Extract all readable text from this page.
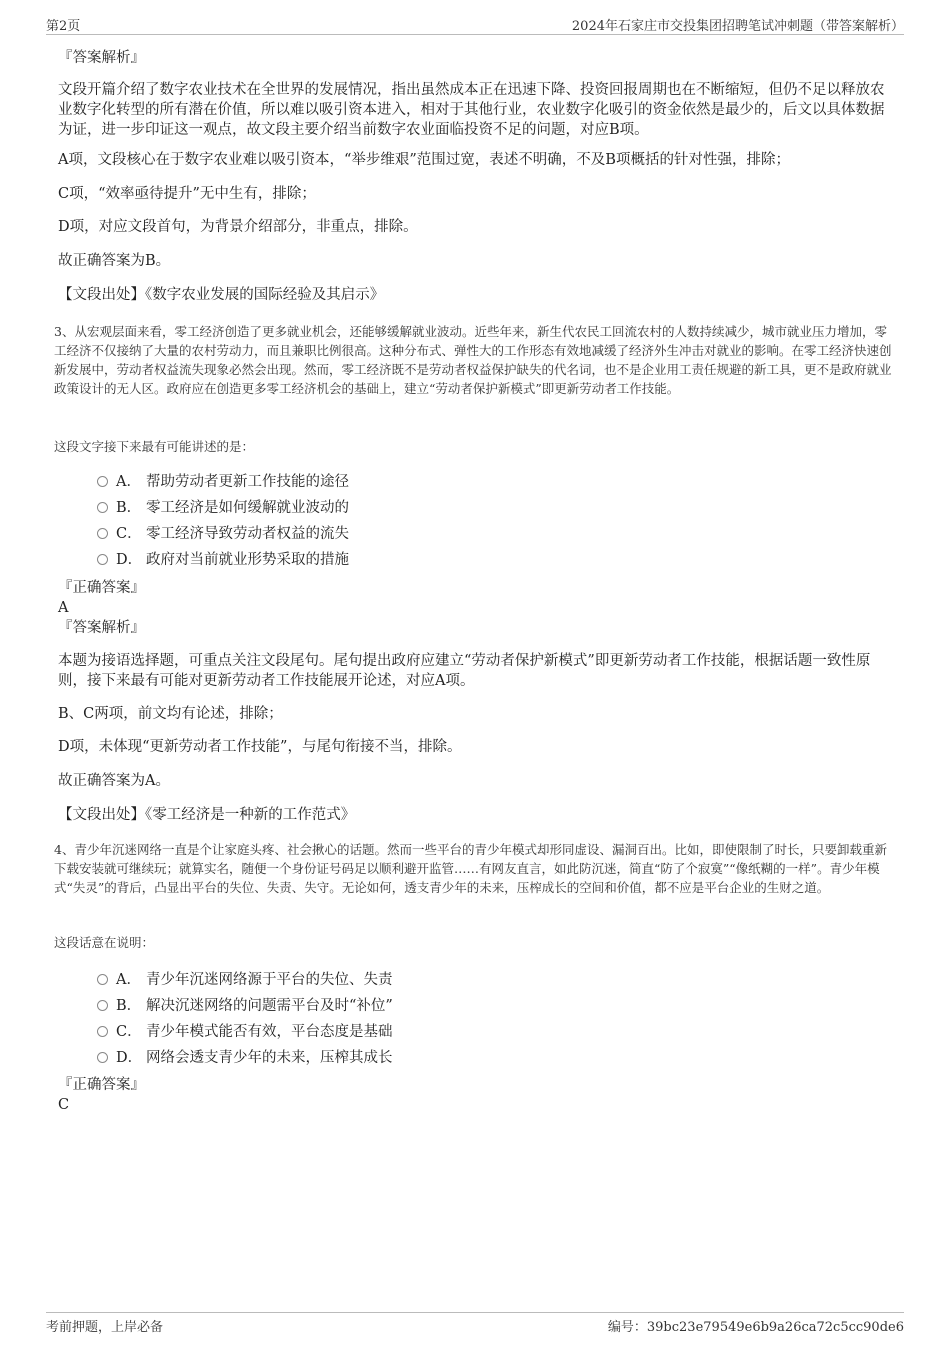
第2页	2024年石家庄市交投集团招聘笔试冲刺题（带答案解析）
『答案解析』
文段开篇介绍了数字农业技术在全世界的发展情况，指出虽然成本正在迅速下降、投资回报周期也在不断缩短，但仍不足以释放农业数字化转型的所有潜在价值，所以难以吸引资本进入，相对于其他行业，农业数字化吸引的资金依然是最少的，后文以具体数据为证，进一步印证这一观点，故文段主要介绍当前数字农业面临投资不足的问题，对应B项。
A项，文段核心在于数字农业难以吸引资本，“举步维艰”范围过宽，表述不明确，不及B项概括的针对性强，排除；
C项，“效率亟待提升”无中生有，排除；
D项，对应文段首句，为背景介绍部分，非重点，排除。
故正确答案为B。
【文段出处】《数字农业发展的国际经验及其启示》
3、从宏观层面来看，零工经济创造了更多就业机会，还能够缓解就业波动。近些年来，新生代农民工回流农村的人数持续减少，城市就业压力增加，零工经济不仅接纳了大量的农村劳动力，而且兼职比例很高。这种分布式、弹性大的工作形态有效地减缓了经济外生冲击对就业的影响。在零工经济快速创新发展中，劳动者权益流失现象必然会出现。然而，零工经济既不是劳动者权益保护缺失的代名词，也不是企业用工责任规避的新工具，更不是政府就业政策设计的无人区。政府应在创造更多零工经济机会的基础上，建立“劳动者保护新模式”即更新劳动者工作技能。
这段文字接下来最有可能讲述的是：
A． 帮助劳动者更新工作技能的途径
B． 零工经济是如何缓解就业波动的
C． 零工经济导致劳动者权益的流失
D． 政府对当前就业形势采取的措施
『正确答案』
A
『答案解析』
本题为接语选择题，可重点关注文段尾句。尾句提出政府应建立“劳动者保护新模式”即更新劳动者工作技能，根据话题一致性原则，接下来最有可能对更新劳动者工作技能展开论述，对应A项。
B、C两项，前文均有论述，排除；
D项，未体现“更新劳动者工作技能”，与尾句衔接不当，排除。
故正确答案为A。
【文段出处】《零工经济是一种新的工作范式》
4、青少年沉迷网络一直是个让家庭头疼、社会揪心的话题。然而一些平台的青少年模式却形同虚设、漏洞百出。比如，即使限制了时长，只要卸载重新下载安装就可继续玩；就算实名，随便一个身份证号码足以顺利避开监管……有网友直言，如此防沉迷，简直“防了个寂寞”“像纸糊的一样”。青少年模式“失灵”的背后，凸显出平台的失位、失责、失守。无论如何，透支青少年的未来，压榨成长的空间和价值，都不应是平台企业的生财之道。
这段话意在说明：
A． 青少年沉迷网络源于平台的失位、失责
B． 解决沉迷网络的问题需平台及时“补位”
C． 青少年模式能否有效，平台态度是基础
D． 网络会透支青少年的未来，压榨其成长
『正确答案』
C
考前押题，上岸必备	编号：39bc23e79549e6b9a26ca72c5cc90de6
